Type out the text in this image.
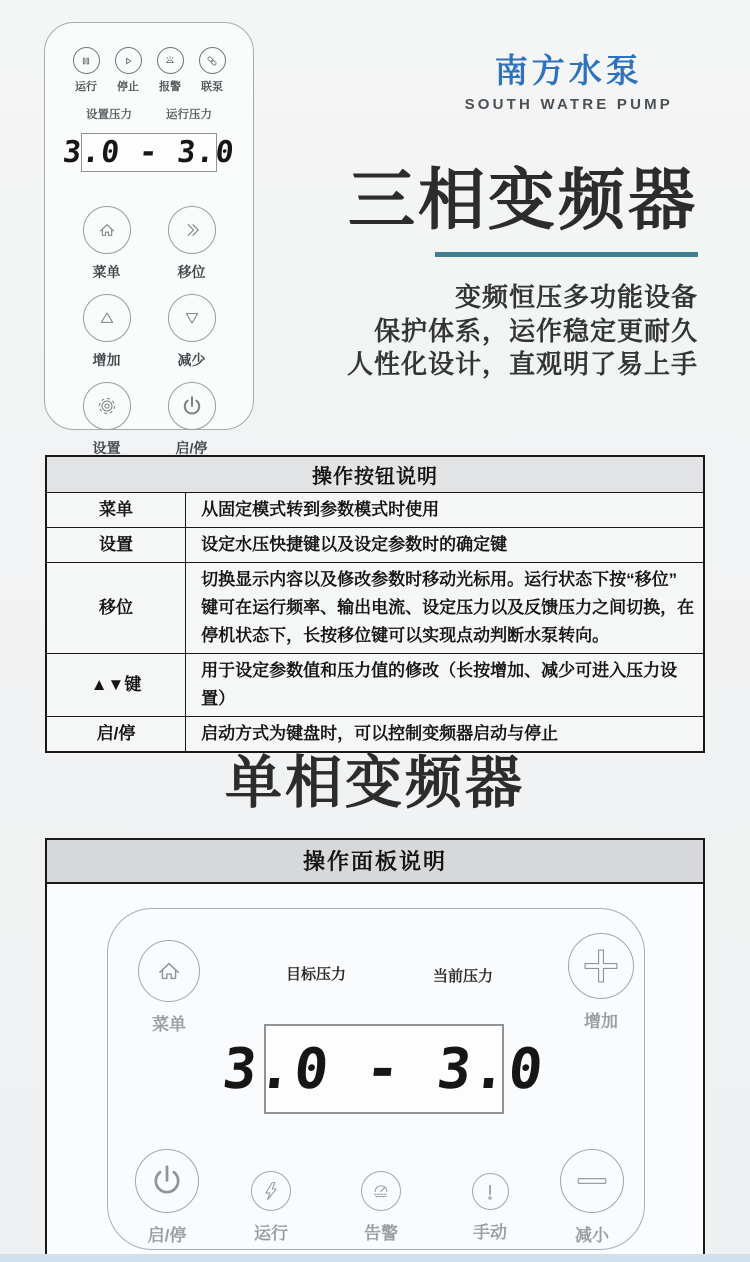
运行 停止 报警 联泵
设置压力	运行压力
3.0 - 3.0
菜单	移位
增加	减少
设置	启/停
南方水泵
SOUTH WATRE PUMP
三相变频器
变频恒压多功能设备
保护体系，运作稳定更耐久
人性化设计，直观明了易上手
操作按钮说明	
菜单	从固定模式转到参数模式时使用
设置	设定水压快捷键以及设定参数时的确定键
移位	切换显示内容以及修改参数时移动光标用。运行状态下按“移位” 键可在运行频率、输出电流、设定压力以及反馈压力之间切换，在停机状态下，长按移位键可以实现点动判断水泵转向。
▲▼键	用于设定参数值和压力值的修改（长按增加、减少可进入压力设置）
启/停	启动方式为键盘时，可以控制变频器启动与停止
单相变频器
操作面板说明
菜单
目标压力	当前压力
增加
3.0 - 3.0
启/停	运行	告警	手动	减小
